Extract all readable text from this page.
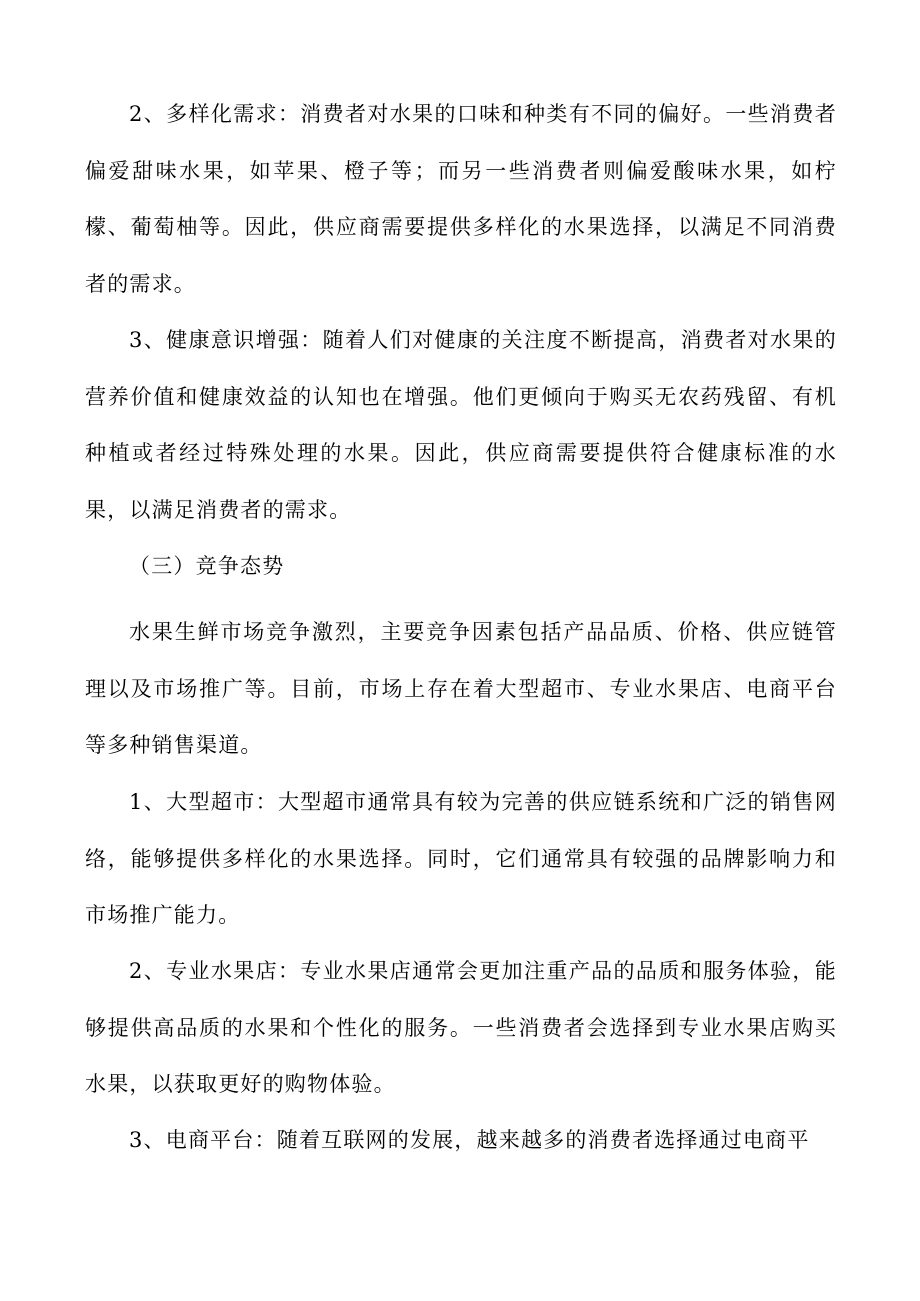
2、多样化需求：消费者对水果的口味和种类有不同的偏好。一些消费者偏爱甜味水果，如苹果、橙子等；而另一些消费者则偏爱酸味水果，如柠檬、葡萄柚等。因此，供应商需要提供多样化的水果选择，以满足不同消费者的需求。

3、健康意识增强：随着人们对健康的关注度不断提高，消费者对水果的营养价值和健康效益的认知也在增强。他们更倾向于购买无农药残留、有机种植或者经过特殊处理的水果。因此，供应商需要提供符合健康标准的水果，以满足消费者的需求。

（三）竞争态势

水果生鲜市场竞争激烈，主要竞争因素包括产品品质、价格、供应链管理以及市场推广等。目前，市场上存在着大型超市、专业水果店、电商平台等多种销售渠道。

1、大型超市：大型超市通常具有较为完善的供应链系统和广泛的销售网络，能够提供多样化的水果选择。同时，它们通常具有较强的品牌影响力和市场推广能力。

2、专业水果店：专业水果店通常会更加注重产品的品质和服务体验，能够提供高品质的水果和个性化的服务。一些消费者会选择到专业水果店购买水果，以获取更好的购物体验。

3、电商平台：随着互联网的发展，越来越多的消费者选择通过电商平
